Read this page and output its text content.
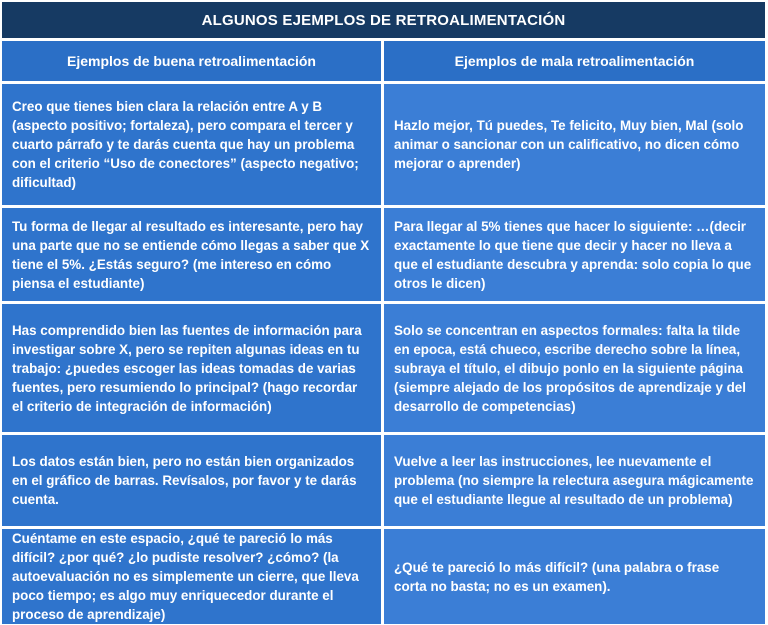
ALGUNOS EJEMPLOS DE RETROALIMENTACIÓN
Ejemplos de buena retroalimentación	Ejemplos de mala retroalimentación
Creo que tienes bien clara la relación entre A y B (aspecto positivo; fortaleza), pero compara el tercer y cuarto párrafo y te darás cuenta que hay un problema con el criterio “Uso de conectores” (aspecto negativo; dificultad)
Hazlo mejor, Tú puedes, Te felicito, Muy bien, Mal (solo animar o sancionar con un calificativo, no dicen cómo mejorar o aprender)
Tu forma de llegar al resultado es interesante, pero hay una parte que no se entiende cómo llegas a saber que X tiene el 5%. ¿Estás seguro? (me intereso en cómo piensa el estudiante)
Para llegar al 5% tienes que hacer lo siguiente: …(decir exactamente lo que tiene que decir y hacer no lleva a que el estudiante descubra y aprenda: solo copia lo que otros le dicen)
Has comprendido bien las fuentes de información para investigar sobre X, pero se repiten algunas ideas en tu trabajo: ¿puedes escoger las ideas tomadas de varias fuentes, pero resumiendo lo principal? (hago recordar el criterio de integración de información)
Solo se concentran en aspectos formales: falta la tilde en epoca, está chueco, escribe derecho sobre la línea, subraya el título, el dibujo ponlo en la siguiente página (siempre alejado de los propósitos de aprendizaje y del desarrollo de competencias)
Los datos están bien, pero no están bien organizados en el gráfico de barras. Revísalos, por favor y te darás cuenta.
Vuelve a leer las instrucciones, lee nuevamente el problema (no siempre la relectura asegura mágicamente que el estudiante llegue al resultado de un problema)
Cuéntame en este espacio, ¿qué te pareció lo más difícil? ¿por qué? ¿lo pudiste resolver? ¿cómo? (la autoevaluación no es simplemente un cierre, que lleva poco tiempo; es algo muy enriquecedor durante el proceso de aprendizaje)
¿Qué te pareció lo más difícil? (una palabra o frase corta no basta; no es un examen).
